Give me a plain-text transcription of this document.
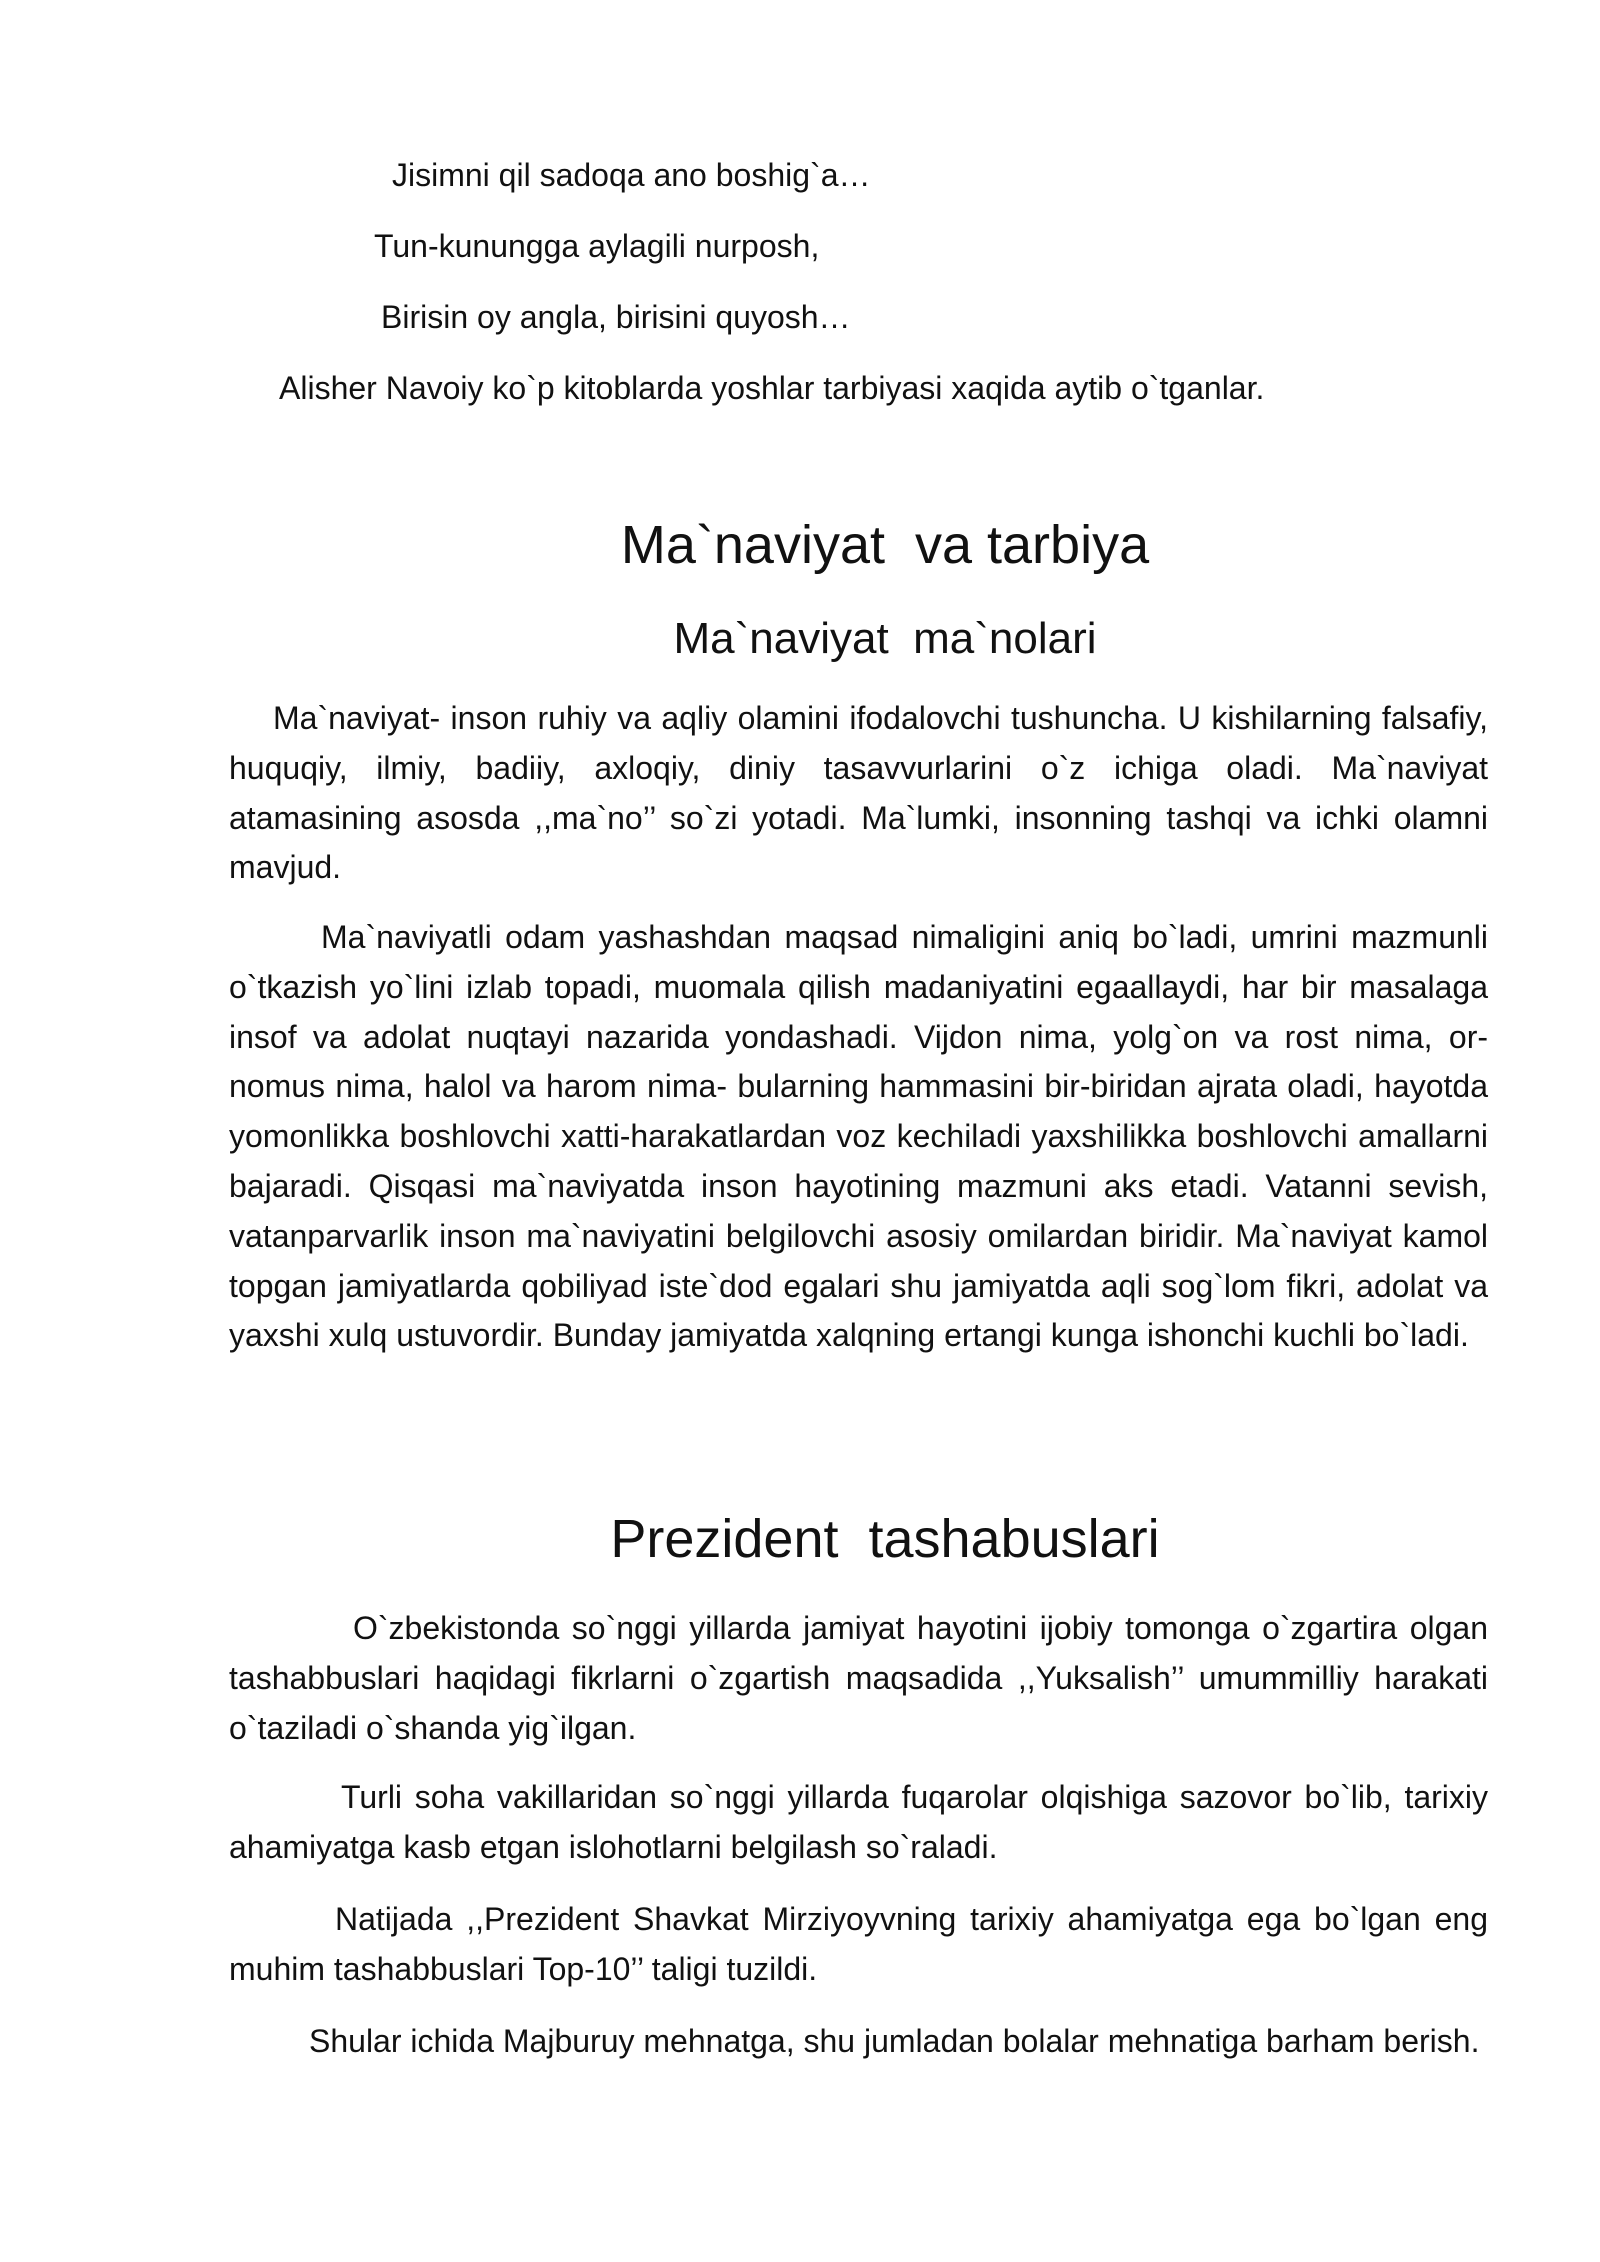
Jisimni qil sadoqa ano boshig`a…
Tun-kunungga aylagili nurposh,
Birisin oy angla, birisini quyosh…
Alisher Navoiy ko`p kitoblarda yoshlar tarbiyasi xaqida aytib o`tganlar.
Ma`naviyat  va tarbiya
Ma`naviyat  ma`nolari

Ma`naviyat- inson ruhiy va aqliy olamini ifodalovchi tushuncha. U kishilarning falsafiy, huquqiy, ilmiy, badiiy, axloqiy, diniy tasavvurlarini o`z ichiga oladi. Ma`naviyat atamasining asosda ,,ma`no’’ so`zi yotadi. Ma`lumki, insonning tashqi va ichki olamni mavjud.

Ma`naviyatli odam yashashdan maqsad nimaligini aniq bo`ladi, umrini mazmunli o`tkazish yo`lini izlab topadi, muomala qilish madaniyatini egaallaydi, har bir masalaga insof va adolat nuqtayi nazarida yondashadi. Vijdon nima, yolg`on va rost nima, or-nomus nima, halol va harom nima- bularning hammasini bir-biridan ajrata oladi, hayotda yomonlikka boshlovchi xatti-harakatlardan voz kechiladi yaxshilikka boshlovchi amallarni bajaradi. Qisqasi ma`naviyatda inson hayotining mazmuni aks etadi. Vatanni sevish, vatanparvarlik inson ma`naviyatini belgilovchi asosiy omilardan biridir. Ma`naviyat kamol topgan jamiyatlarda qobiliyad iste`dod egalari shu jamiyatda aqli sog`lom fikri, adolat va yaxshi xulq ustuvordir. Bunday jamiyatda xalqning ertangi kunga ishonchi kuchli bo`ladi.

Prezident  tashabuslari

O`zbekistonda so`nggi yillarda jamiyat hayotini ijobiy tomonga o`zgartira olgan tashabbuslari haqidagi fikrlarni o`zgartish maqsadida ,,Yuksalish’’ umummilliy harakati o`taziladi o`shanda yig`ilgan.

Turli soha vakillaridan so`nggi yillarda fuqarolar olqishiga sazovor bo`lib, tarixiy ahamiyatga kasb etgan islohotlarni belgilash so`raladi.

Natijada ,,Prezident Shavkat Mirziyoyvning tarixiy ahamiyatga ega bo`lgan eng muhim tashabbuslari Top-10’’ taligi tuzildi.

Shular ichida Majburuy mehnatga, shu jumladan bolalar mehnatiga barham berish.
